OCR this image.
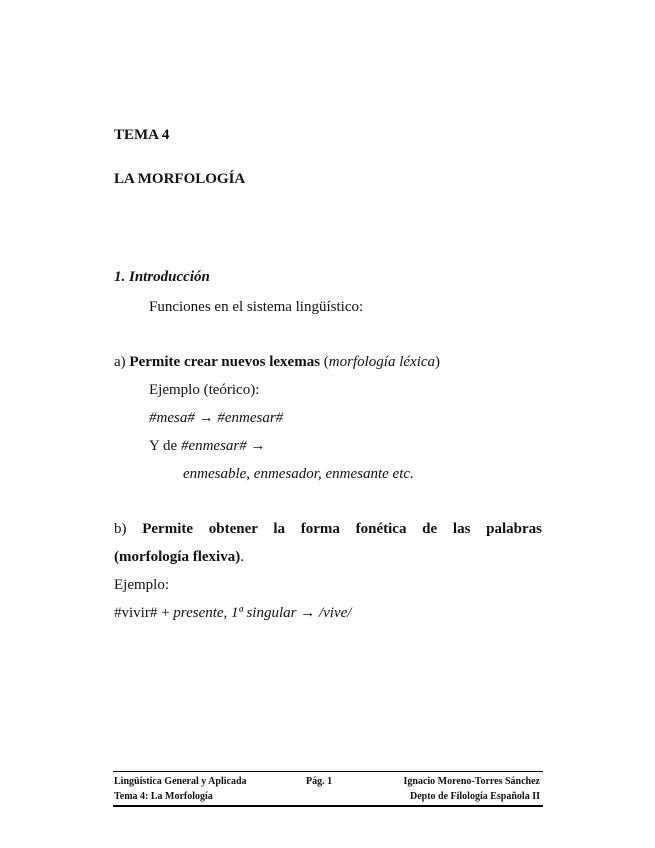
TEMA 4
LA MORFOLOGÍA
1. Introducción
Funciones en el sistema lingüístico:
a) Permite crear nuevos lexemas (morfología léxica)
Ejemplo (teórico):
#mesa# → #enmesar#
Y de #enmesar# →
enmesable, enmesador, enmesante etc.
b) Permite obtener la forma fonética de las palabras
(morfología flexiva).
Ejemplo:
#vivir# + presente, 1ª singular → /vive/
Lingüística General y Aplicada	Pág. 1	Ignacio Moreno-Torres Sánchez
Tema 4: La Morfología	Depto de Filología Española II
